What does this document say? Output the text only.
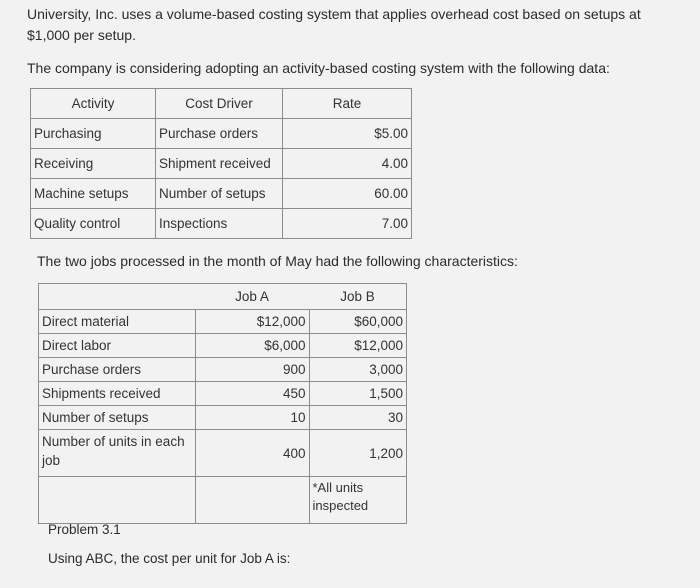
University, Inc. uses a volume-based costing system that applies overhead cost based on setups at
$1,000 per setup.
The company is considering adopting an activity-based costing system with the following data:
Activity	Cost Driver	Rate
Purchasing	Purchase orders	$5.00
Receiving	Shipment received	4.00
Machine setups	Number of setups	60.00
Quality control	Inspections	7.00
The two jobs processed in the month of May had the following characteristics:
	Job A	Job B
Direct material	$12,000	$60,000
Direct labor	$6,000	$12,000
Purchase orders	900	3,000
Shipments received	450	1,500
Number of setups	10	30
Number of units in each job	400	1,200
		*All units inspected
Problem 3.1
Using ABC, the cost per unit for Job A is:
